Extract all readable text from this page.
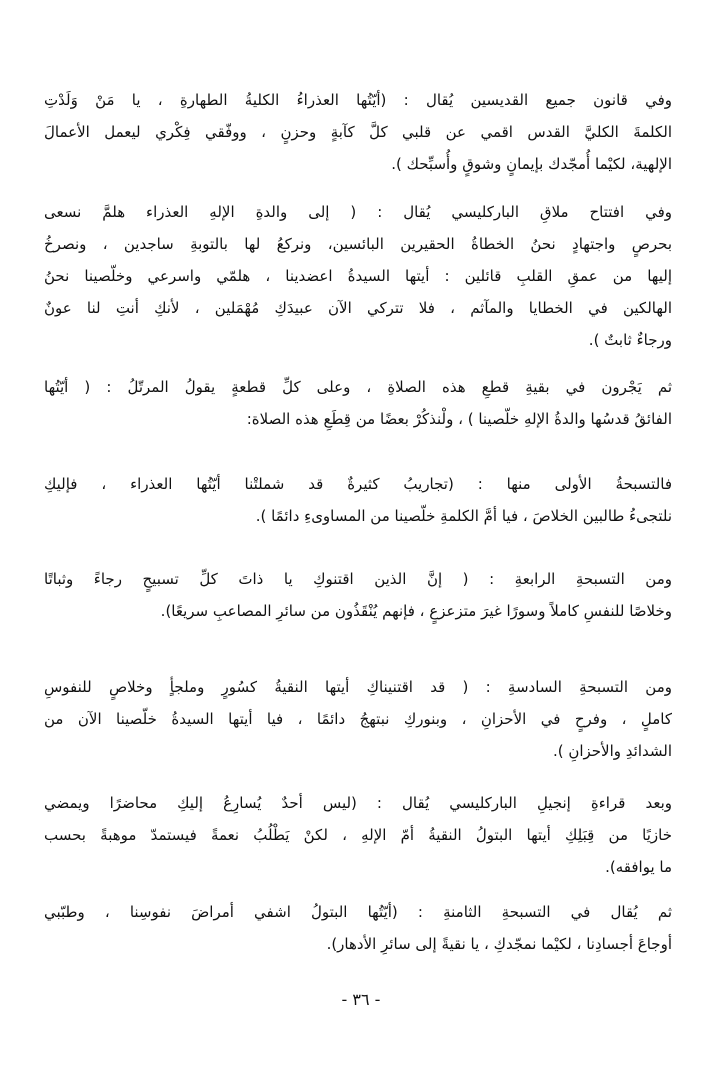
وفي قانون جميع القديسين يُقال : (أيّتُها العذراءُ الكليةُ الطهارةِ ، يا مَنْ وَلَدْتِ
الكلمةَ الكليَّ القدس اقمي عن قلبي كلَّ كآبةٍ وحزنٍ ، ووفّقي فِكْري ليعمل الأعمالَ
الإلهية، لكيْما أُمجّدك بإيمانٍ وشوقٍ وأُسبِّحك ).
وفي افتتاح ملاقِ الباركليسي يُقال : ( إلى والدةِ الإلهِ العذراء هلمَّ نسعى
بحرصٍ واجتهادٍ نحنُ الخطاةُ الحقيرين البائسين، ونركعُ لها بالتوبةِ ساجدين ، ونصرخُ
إليها من عمقِ القلبِ قائلين : أيتها السيدةُ اعضدينا ، هلمّي واسرعي وخلّصينا نحنُ
الهالكين في الخطايا والمآثم ، فلا تتركي الآن عبيدَكِ مُهْمَلين ، لأنكِ أنتِ لنا عونٌ
ورجاءٌ ثابتٌ ).
ثم يَجْرون في بقيةِ قطعِ هذه الصلاةِ ، وعلى كلِّ قطعةٍ يقولُ المرتّلُ : ( أيّتُها
الفائقُ قدسُها والدةُ الإلهِ خلّصينا ) ، ولْنذكُرْ بعضًا من قِطَعِ هذه الصلاة:
فالتسبحةُ الأولى منها : (تجاريبُ كثيرةٌ قد شملتْنا أيّتُها العذراء ، فإليكِ
نلتجىءُ طالبين الخلاصَ ، فيا أمَّ الكلمةِ خلّصينا من المساوىءِ دائمًا ).
ومن التسبحةِ الرابعةِ : ( إنَّ الذين اقتنوكِ يا ذاتَ كلِّ تسبيحٍ رجاءً وثباتًا
وخلاصًا للنفسِ كاملاً وسورًا غيرَ متزعزعٍ ، فإنهم يُنْقَذُون من سائرِ المصاعبِ سريعًا).
ومن التسبحةِ السادسةِ : ( قد اقتنيناكِ أيتها النقيةُ كسُورٍ وملجأٍ وخلاصٍ للنفوسِ
كاملٍ ، وفرحٍ في الأحزانِ ، وبنوركِ نبتهجُ دائمًا ، فيا أيتها السيدةُ خلّصينا الآن من
الشدائدِ والأحزانِ ).
وبعد قراءةِ إنجيلِ الباركليسي يُقال : (ليس أحدٌ يُسارِعُ إليكِ محاضرًا ويمضي
خازيًا من قِبَلِكِ أيتها البتولُ النقيةُ أمّ الإلهِ ، لكنْ يَطْلُبُ نعمةً فيستمدّ موهبةً بحسب
ما يوافقه).
ثم يُقال في التسبحةِ الثامنةِ : (أيّتُها البتولُ اشفي أمراضَ نفوسِنا ، وطبّبي
أوجاعَ أجسادِنا ، لكيْما نمجّدكِ ، يا نقيةً إلى سائرِ الأدهار).
- ٣٦ -
